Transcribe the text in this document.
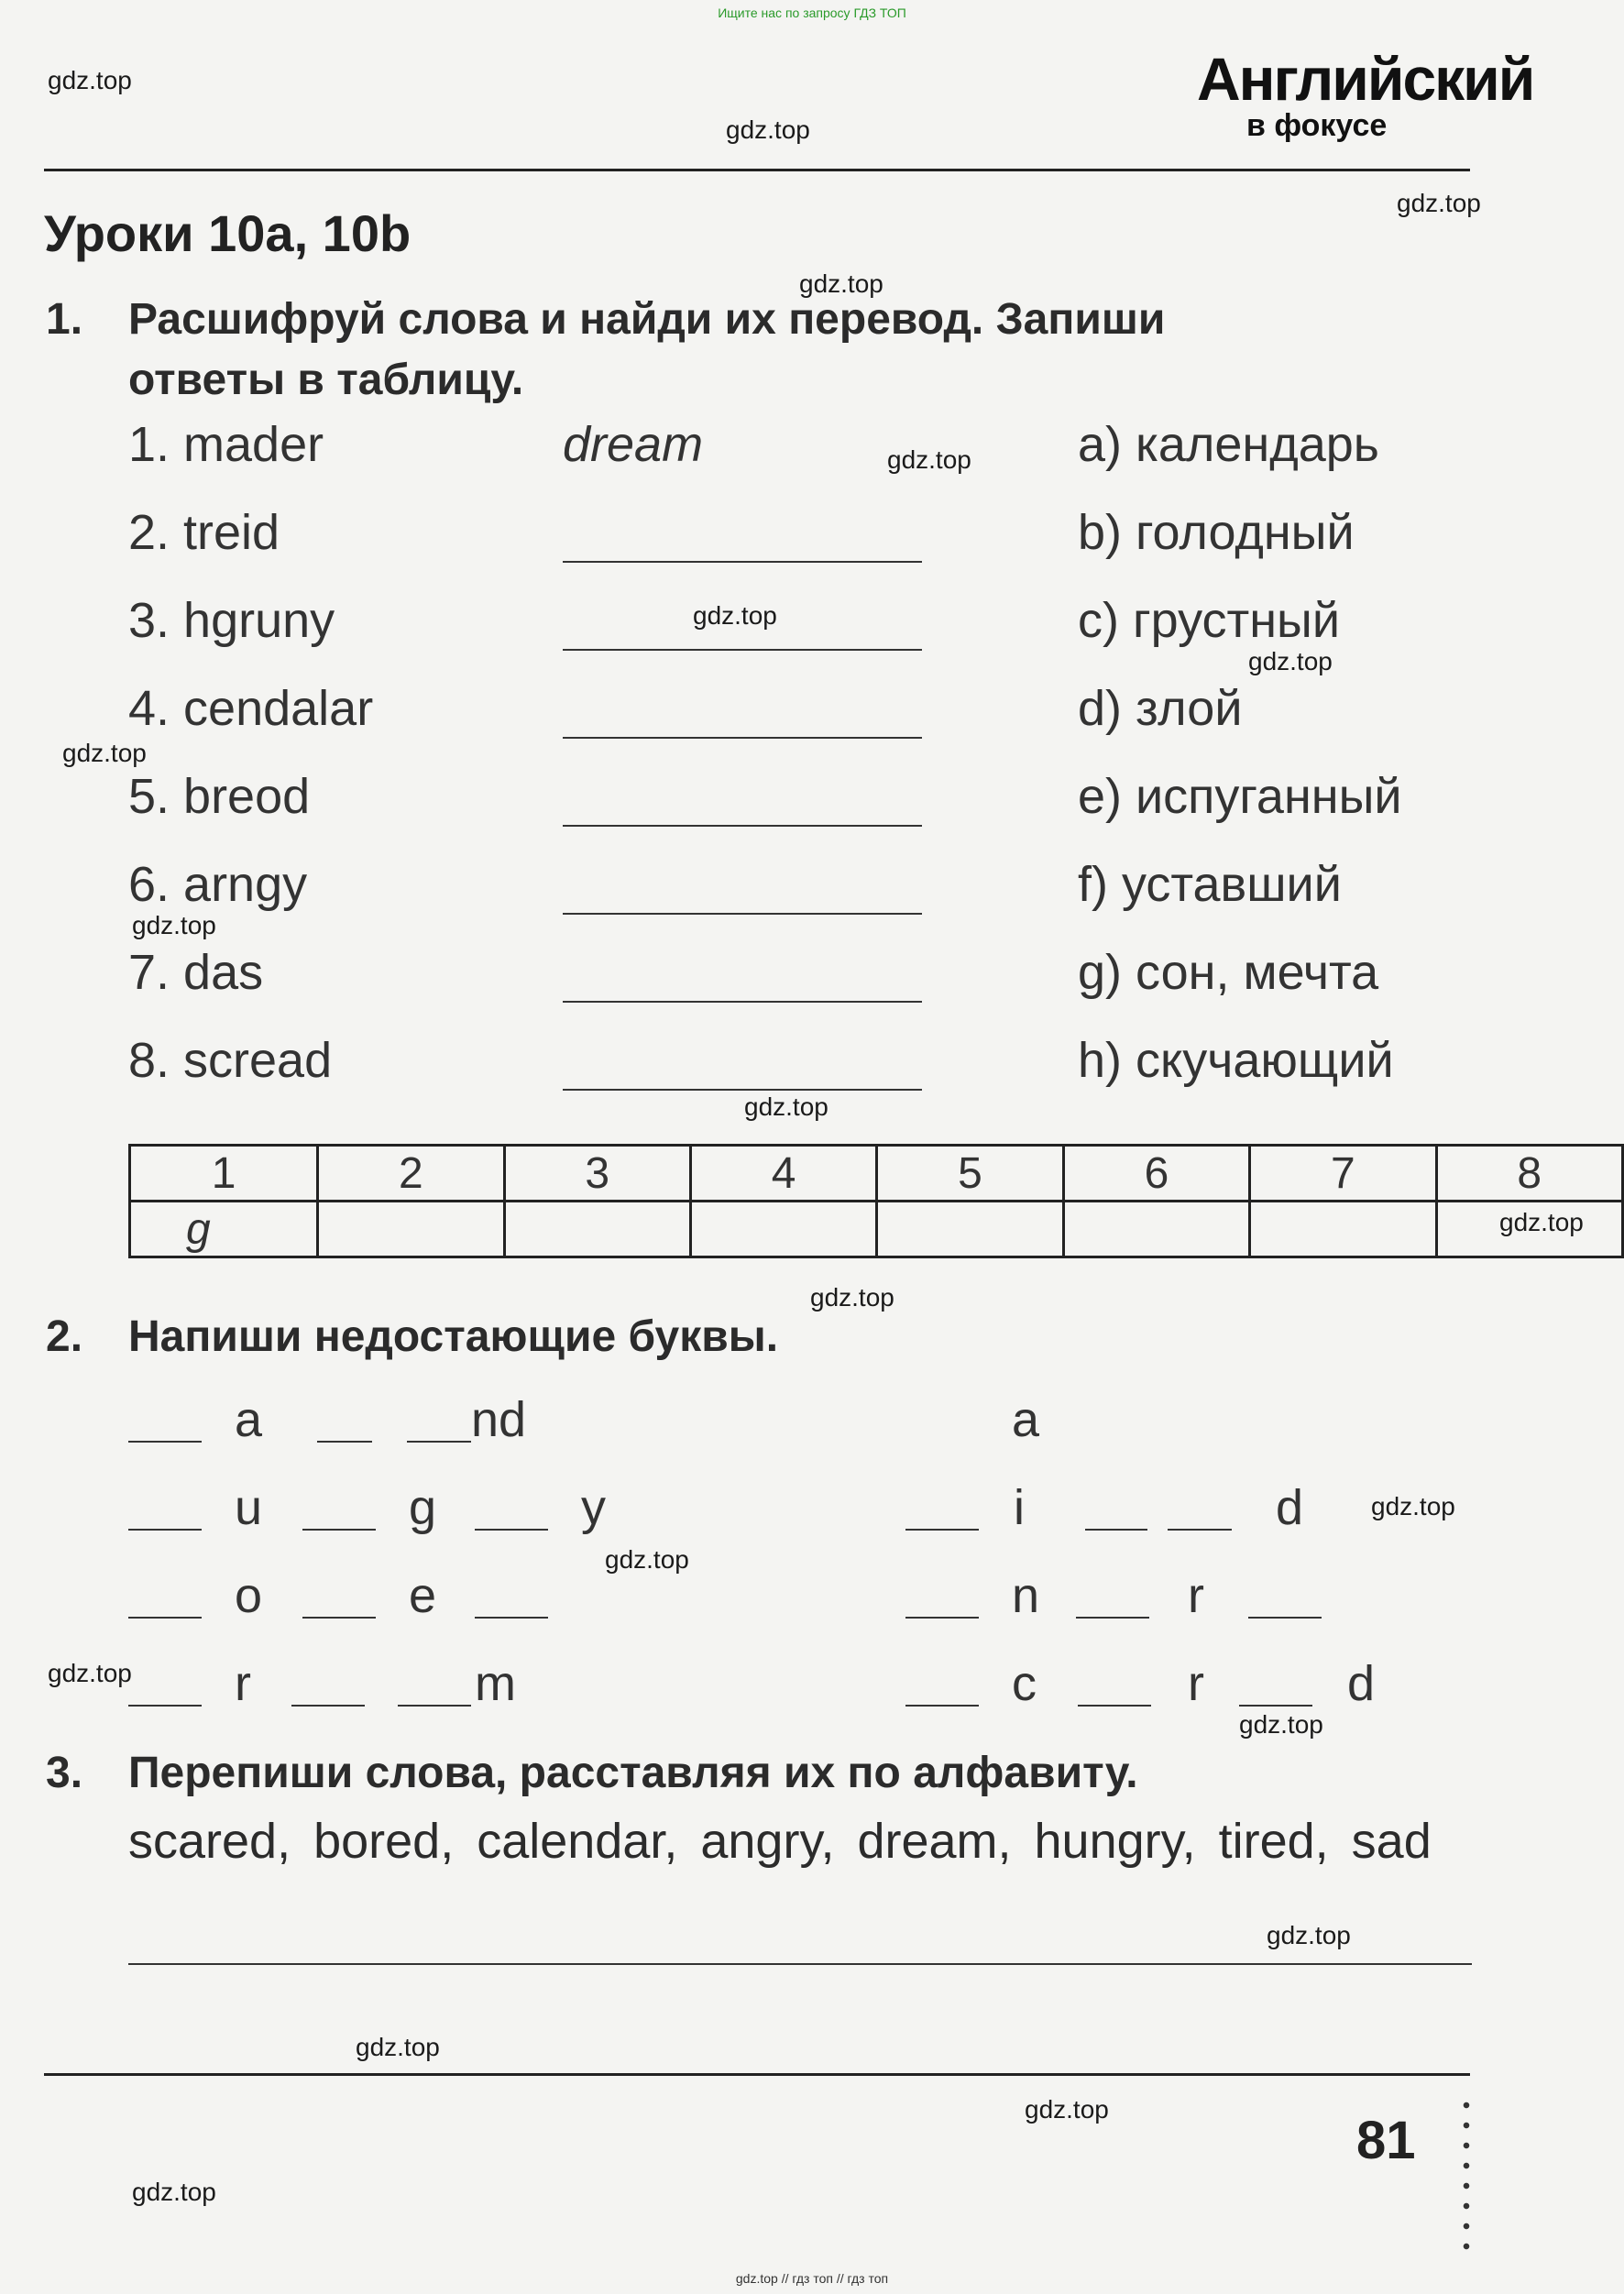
Ищите нас по запросу ГДЗ ТОП
Английский
в фокусе
Уроки 10a, 10b
1. Расшифруй слова и найди их перевод. Запиши
ответы в таблицу.
1. mader	dream	a) календарь
2. treid	b) голодный
3. hgruny	c) грустный
4. cendalar	d) злой
5. breod	e) испуганный
6. arngy	f) уставший
7. das	g) сон, мечта
8. scread	h) скучающий
1	2	3	4	5	6	7	8
g							
2. Напиши недостающие буквы.
a	nd	a
u	g	y	i	d
o	e	n	r
r	m	c	r	d
3. Перепиши слова, расставляя их по алфавиту.
scared, bored, calendar, angry, dream, hungry, tired, sad
81
gdz.top
gdz.top
gdz.top
gdz.top
gdz.top
gdz.top
gdz.top
gdz.top
gdz.top
gdz.top
gdz.top
gdz.top
gdz.top
gdz.top
gdz.top
gdz.top
gdz.top
gdz.top
gdz.top
gdz.top
gdz.top // гдз топ // гдз топ
